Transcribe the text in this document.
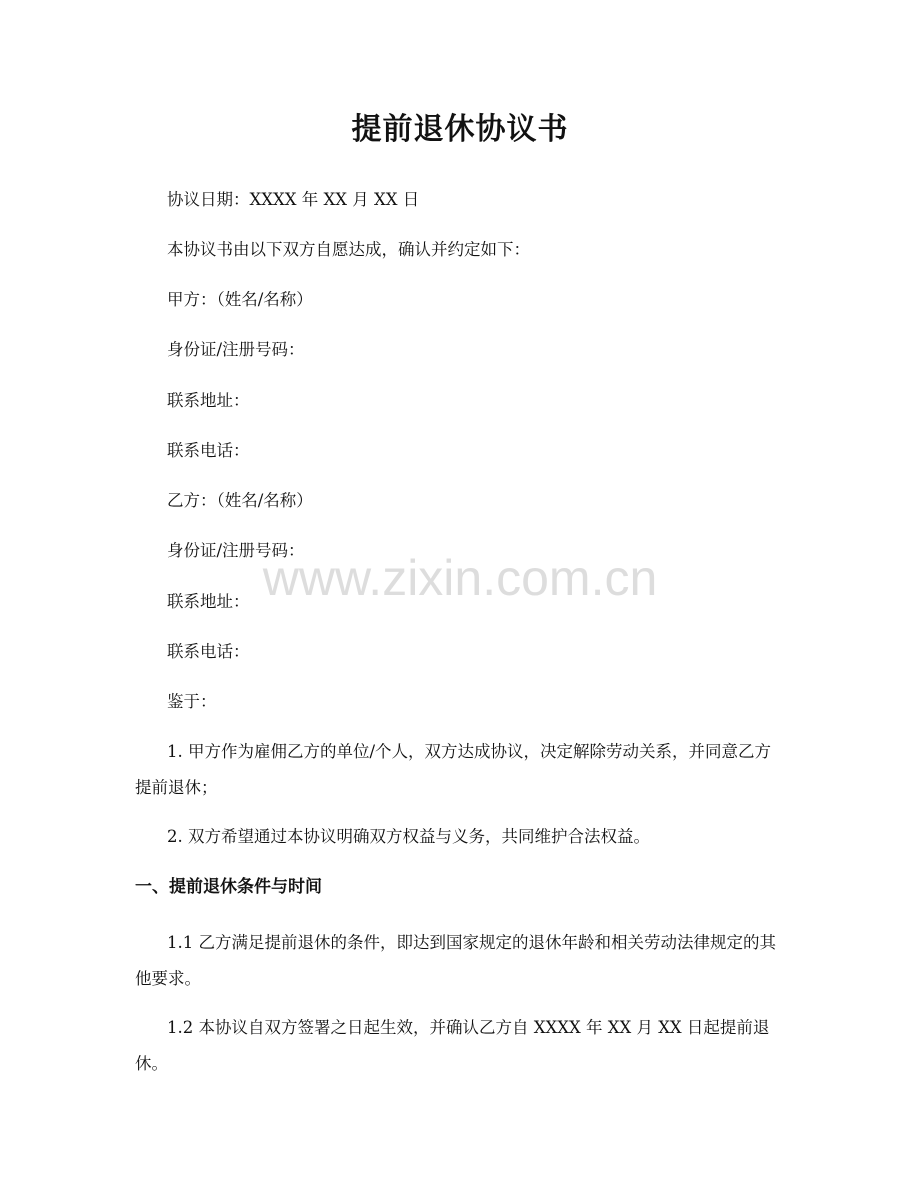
提前退休协议书

协议日期：XXXX 年 XX 月 XX 日

本协议书由以下双方自愿达成，确认并约定如下：

甲方：（姓名/名称）

身份证/注册号码：

联系地址：

联系电话：

乙方：（姓名/名称）

身份证/注册号码：

联系地址：

联系电话：

鉴于：

1. 甲方作为雇佣乙方的单位/个人，双方达成协议，决定解除劳动关系，并同意乙方提前退休；

2. 双方希望通过本协议明确双方权益与义务，共同维护合法权益。

一、提前退休条件与时间

1.1 乙方满足提前退休的条件，即达到国家规定的退休年龄和相关劳动法律规定的其他要求。

1.2 本协议自双方签署之日起生效，并确认乙方自 XXXX 年 XX 月 XX 日起提前退休。

www.zixin.com.cn
